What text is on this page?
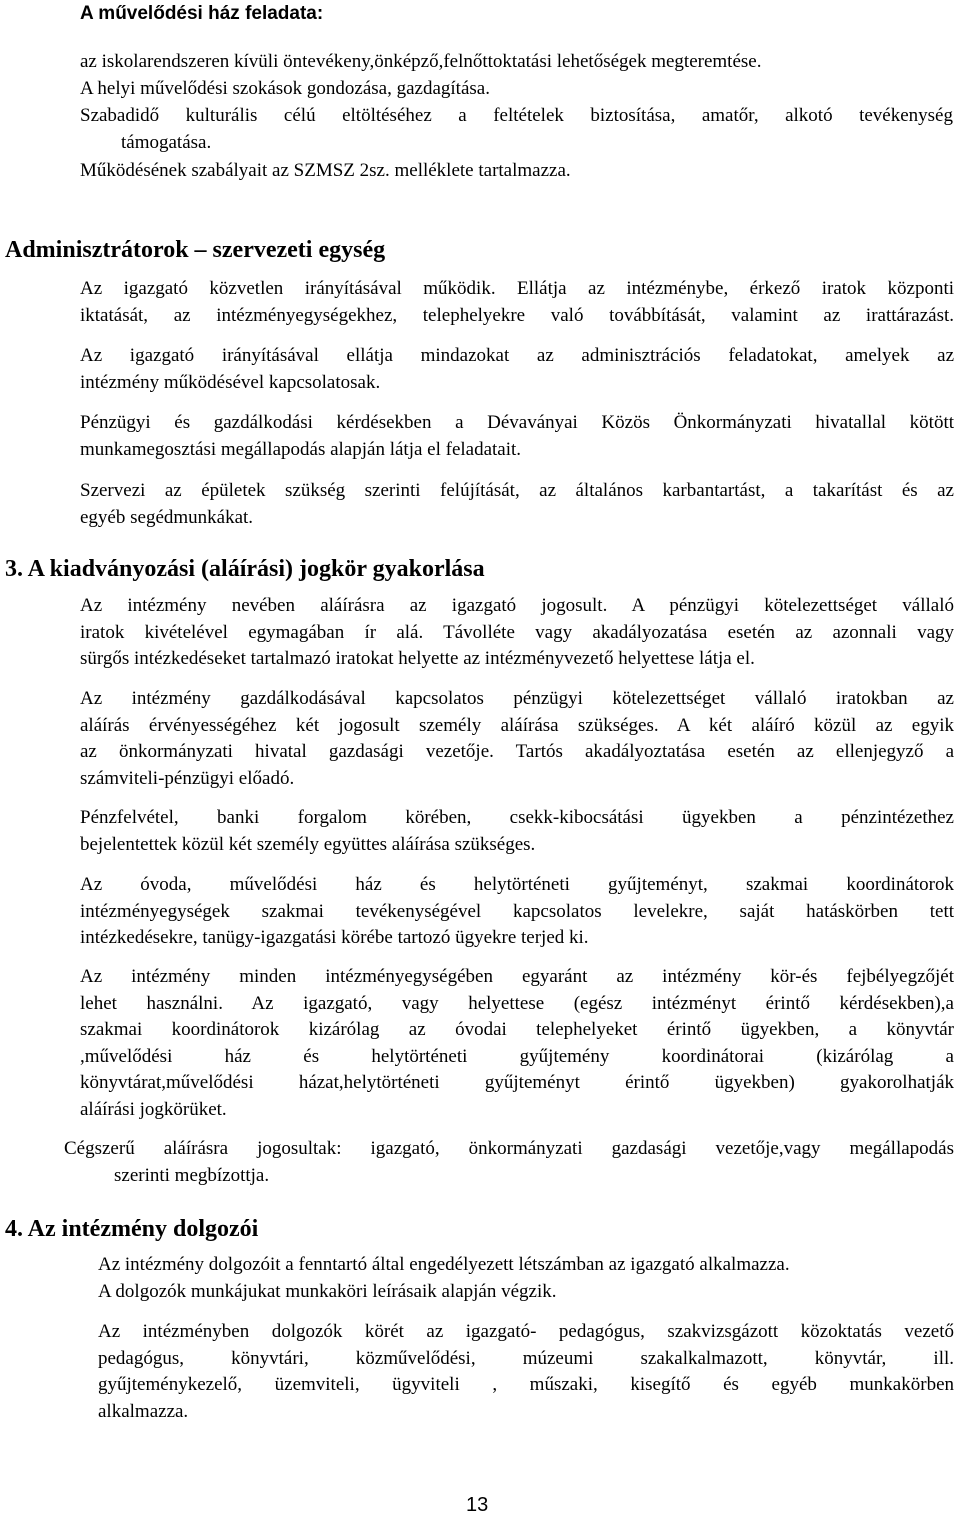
A művelődési ház feladata:
az iskolarendszeren kívüli öntevékeny,önképző,felnőttoktatási lehetőségek megteremtése.
A helyi művelődési szokások gondozása, gazdagítása.
Szabadidő kulturális célú eltöltéséhez a feltételek biztosítása, amatőr, alkotó tevékenység
támogatása.
Működésének szabályait az SZMSZ 2sz. melléklete tartalmazza.
Adminisztrátorok – szervezeti egység
Az igazgató közvetlen irányításával működik. Ellátja az intézménybe, érkező iratok központi
iktatását, az intézményegységekhez, telephelyekre való továbbítását, valamint az irattárazást.
Az igazgató irányításával ellátja mindazokat az adminisztrációs feladatokat, amelyek az
intézmény működésével kapcsolatosak.
Pénzügyi és gazdálkodási kérdésekben a Dévaványai Közös Önkormányzati hivatallal kötött
munkamegosztási megállapodás alapján látja el feladatait.
Szervezi az épületek szükség szerinti felújítását, az általános karbantartást, a takarítást és az
egyéb segédmunkákat.
3. A kiadványozási (aláírási) jogkör gyakorlása
Az intézmény nevében aláírásra az igazgató jogosult. A pénzügyi kötelezettséget vállaló
iratok kivételével egymagában ír alá. Távolléte vagy akadályozatása esetén az azonnali vagy
sürgős intézkedéseket tartalmazó iratokat helyette az intézményvezető helyettese látja el.
Az intézmény gazdálkodásával kapcsolatos pénzügyi kötelezettséget vállaló iratokban az
aláírás érvényességéhez két jogosult személy aláírása szükséges. A két aláíró közül az egyik
az önkormányzati hivatal gazdasági vezetője. Tartós akadályoztatása esetén az ellenjegyző a
számviteli-pénzügyi előadó.
Pénzfelvétel, banki forgalom körében, csekk-kibocsátási ügyekben a pénzintézethez
bejelentettek közül két személy együttes aláírása szükséges.
Az óvoda, művelődési ház és helytörténeti gyűjteményt, szakmai koordinátorok
intézményegységek szakmai tevékenységével kapcsolatos levelekre, saját hatáskörben tett
intézkedésekre, tanügy-igazgatási körébe tartozó ügyekre terjed ki.
Az intézmény minden intézményegységében egyaránt az intézmény kör-és fejbélyegzőjét
lehet használni. Az igazgató, vagy helyettese (egész intézményt érintő kérdésekben),a
szakmai koordinátorok kizárólag az óvodai telephelyeket érintő ügyekben, a könyvtár
,művelődési ház és helytörténeti gyűjtemény koordinátorai (kizárólag a
könyvtárat,művelődési házat,helytörténeti gyűjteményt érintő ügyekben) gyakorolhatják
aláírási jogkörüket.
Cégszerű aláírásra jogosultak: igazgató, önkormányzati gazdasági vezetője,vagy megállapodás
szerinti megbízottja.
4. Az intézmény dolgozói
Az intézmény dolgozóit a fenntartó által engedélyezett létszámban az igazgató alkalmazza.
A dolgozók munkájukat munkaköri leírásaik alapján végzik.
Az intézményben dolgozók körét az igazgató- pedagógus, szakvizsgázott közoktatás vezető
pedagógus, könyvtári, közművelődési, múzeumi szakalkalmazott, könyvtár, ill.
gyűjteménykezelő, üzemviteli, ügyviteli , műszaki, kisegítő és egyéb munkakörben
alkalmazza.
13
